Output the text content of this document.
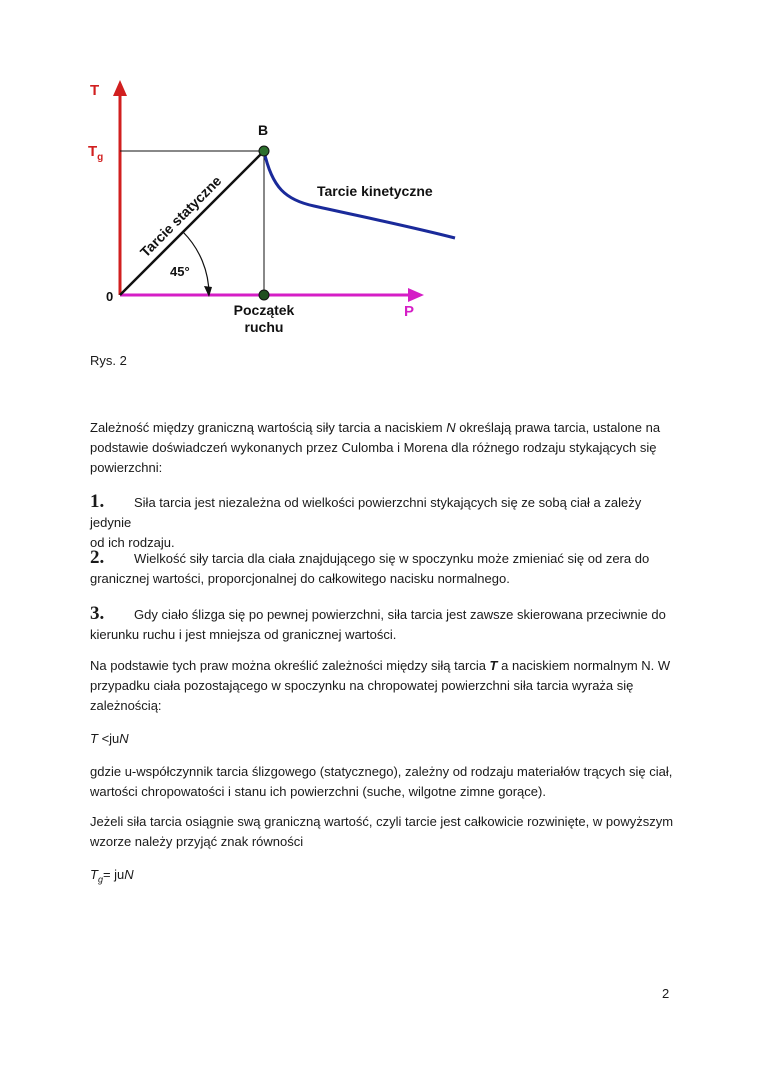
T
$T_g$
B
0
P
Tarcie statyczne	Tarcie kinetyczne
45°
Początek
ruchu
Rys. 2

Zależność między graniczną wartością siły tarcia a naciskiem N określają prawa tarcia, ustalone na
podstawie doświadczeń wykonanych przez Culomba i Morena dla różnego rodzaju stykających się
powierzchni:

1. Siła tarcia jest niezależna od wielkości powierzchni stykających się ze sobą ciał a zależy jedynie
od ich rodzaju.

2. Wielkość siły tarcia dla ciała znajdującego się w spoczynku może zmieniać się od zera do
granicznej wartości, proporcjonalnej do całkowitego nacisku normalnego.

3. Gdy ciało ślizga się po pewnej powierzchni, siła tarcia jest zawsze skierowana przeciwnie do
kierunku ruchu i jest mniejsza od granicznej wartości.

Na podstawie tych praw można określić zależności między siłą tarcia T a naciskiem normalnym N. W
przypadku ciała pozostającego w spoczynku na chropowatej powierzchni siła tarcia wyraża się
zależnością:

T <juN

gdzie u-współczynnik tarcia ślizgowego (statycznego), zależny od rodzaju materiałów trących się ciał,
wartości chropowatości i stanu ich powierzchni (suche, wilgotne zimne gorące).

Jeżeli siła tarcia osiągnie swą graniczną wartość, czyli tarcie jest całkowicie rozwinięte, w powyższym
wzorze należy przyjąć znak równości

$T_g=$ juN
2
